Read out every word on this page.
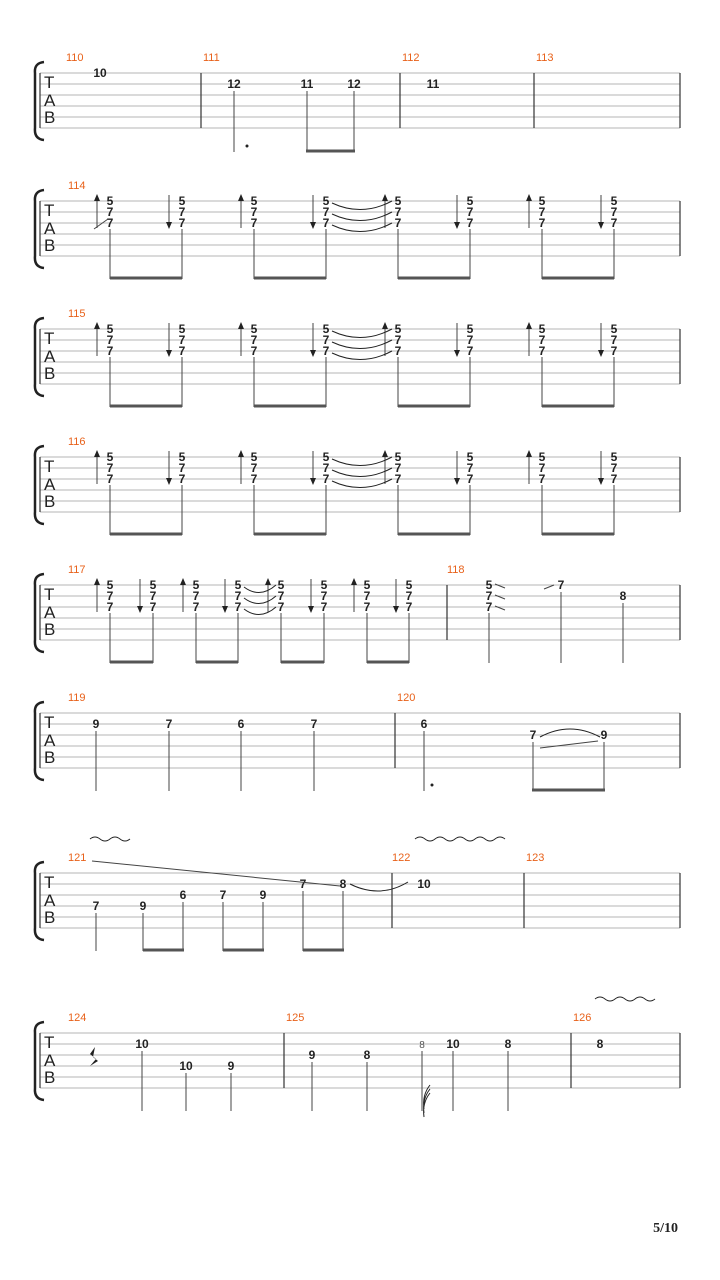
T
A
B
T
A
B
T
A
B
T
A
B
T
A
B
T
A
B
T
A
B
T
A
B
110	111	112	113
114
115
116
117	118
119	120
121	122	123
124	125	126
10
12	11	12	11
5
7
7
5
7
7
5
7
7
5
7
7
5
7
7
5
7
7
5
7
7
5
7
7
5
7
7
5
7
7
5
7
7
5
7
7
5
7
7
5
7
7
5
7
7
5
7
7
5
7
7
5
7
7
5
7
7
5
7
7
5
7
7
5
7
7
5
7
7
5
7
7
5
7
7
5
7
7
5
7
7
5
7
7
5
7
7
5
7
7
5
7
7
5
7
7
5
7
7
7
8
9	7	6	7	6
7	9
7	9
6	7	9
7	8	10
10
10	9
9	8
8 10	8	8
5/10
